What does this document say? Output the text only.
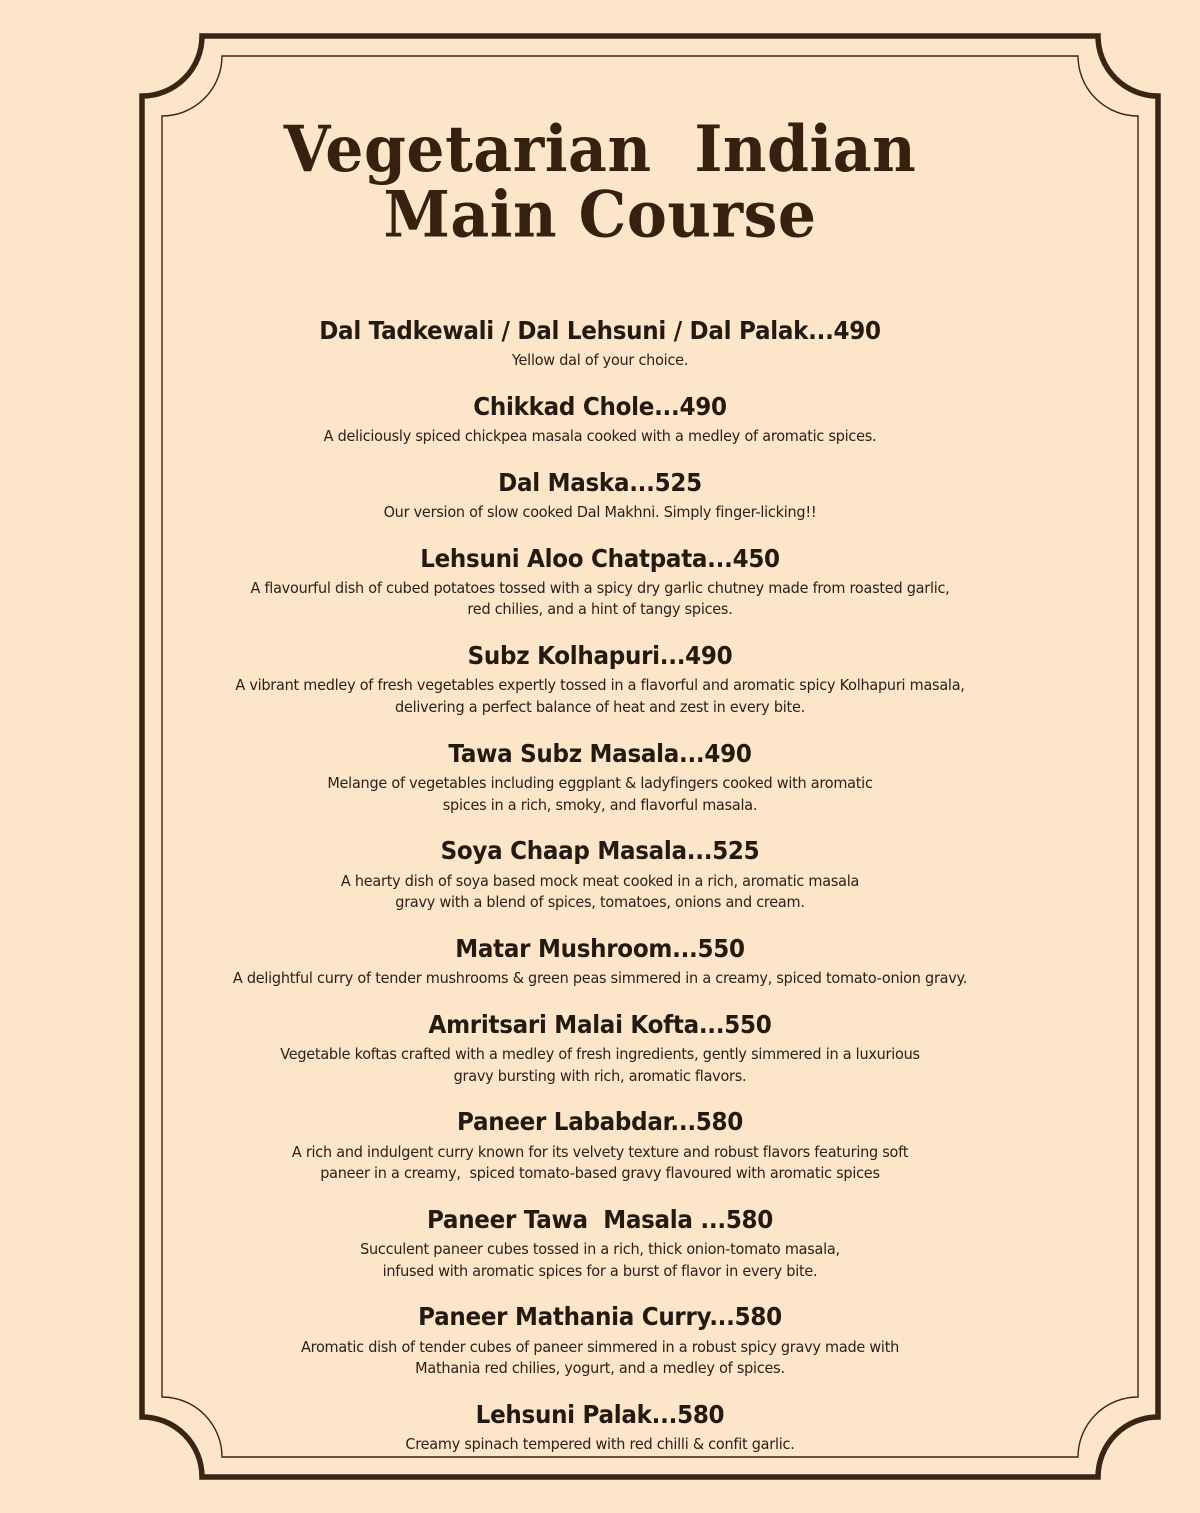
Vegetarian  Indian
Main Course
Dal Tadkewali / Dal Lehsuni / Dal Palak...490
Yellow dal of your choice.
Chikkad Chole...490
A deliciously spiced chickpea masala cooked with a medley of aromatic spices.
Dal Maska...525
Our version of slow cooked Dal Makhni. Simply finger-licking!!
Lehsuni Aloo Chatpata...450
A flavourful dish of cubed potatoes tossed with a spicy dry garlic chutney made from roasted garlic,
red chilies, and a hint of tangy spices.
Subz Kolhapuri...490
A vibrant medley of fresh vegetables expertly tossed in a flavorful and aromatic spicy Kolhapuri masala,
delivering a perfect balance of heat and zest in every bite.
Tawa Subz Masala...490
Melange of vegetables including eggplant & ladyfingers cooked with aromatic
spices in a rich, smoky, and flavorful masala.
Soya Chaap Masala...525
A hearty dish of soya based mock meat cooked in a rich, aromatic masala
gravy with a blend of spices, tomatoes, onions and cream.
Matar Mushroom...550
A delightful curry of tender mushrooms & green peas simmered in a creamy, spiced tomato-onion gravy.
Amritsari Malai Kofta...550
Vegetable koftas crafted with a medley of fresh ingredients, gently simmered in a luxurious
gravy bursting with rich, aromatic flavors.
Paneer Lababdar...580
A rich and indulgent curry known for its velvety texture and robust flavors featuring soft
paneer in a creamy,  spiced tomato-based gravy flavoured with aromatic spices
Paneer Tawa  Masala ...580
Succulent paneer cubes tossed in a rich, thick onion-tomato masala,
infused with aromatic spices for a burst of flavor in every bite.
Paneer Mathania Curry...580
Aromatic dish of tender cubes of paneer simmered in a robust spicy gravy made with
Mathania red chilies, yogurt, and a medley of spices.
Lehsuni Palak...580
Creamy spinach tempered with red chilli & confit garlic.
